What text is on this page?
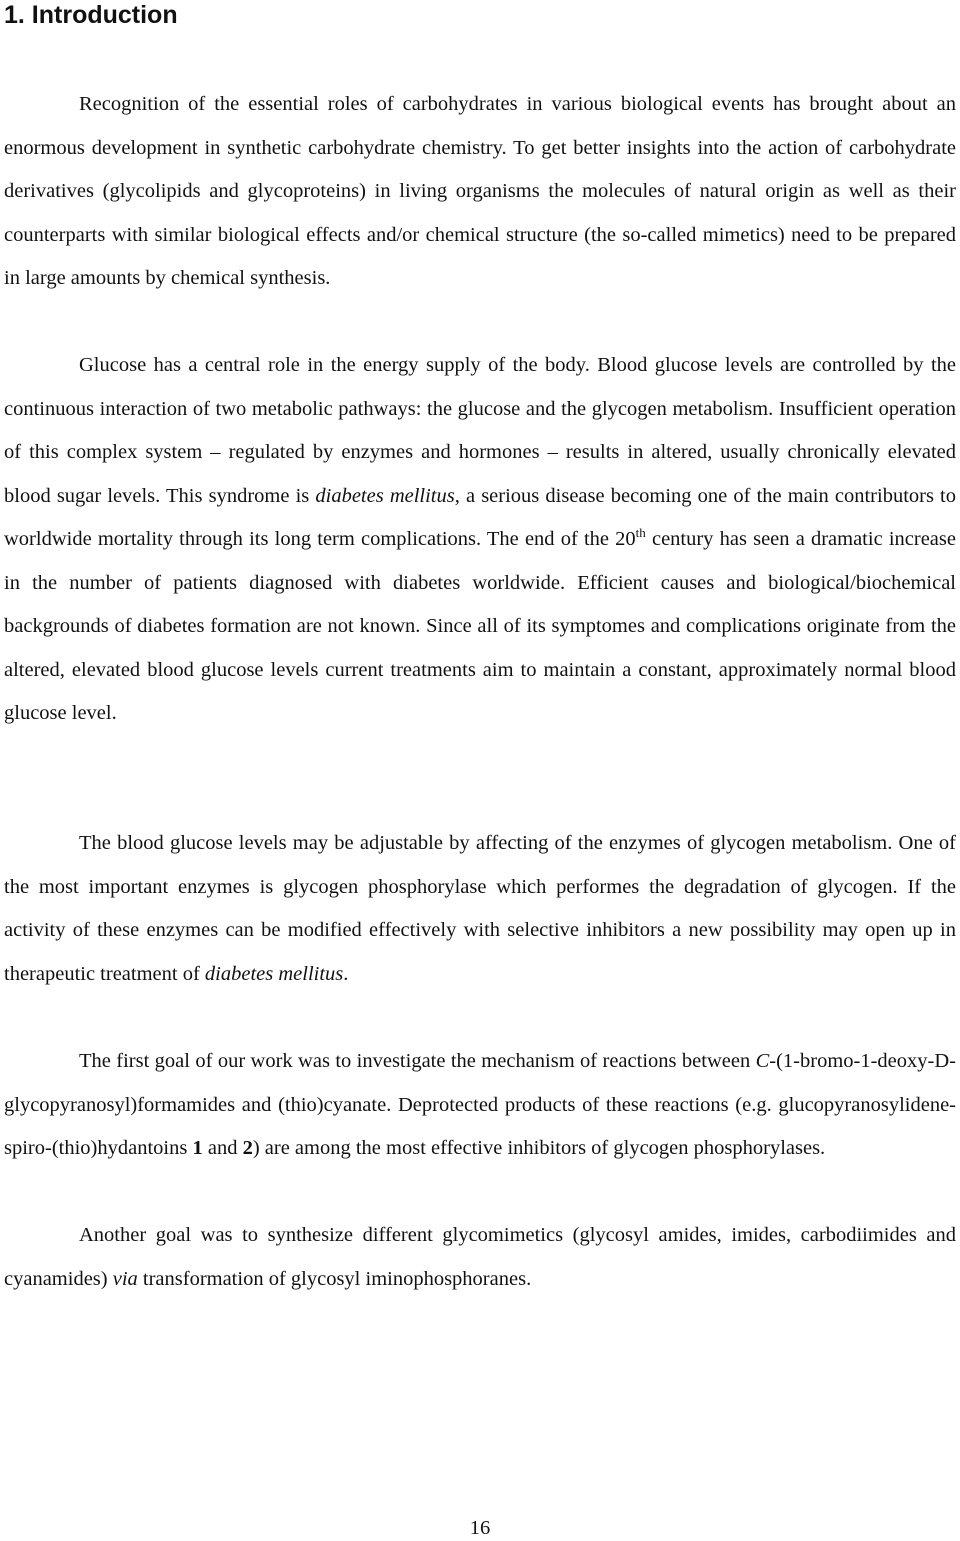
1. Introduction

Recognition of the essential roles of carbohydrates in various biological events has brought about an enormous development in synthetic carbohydrate chemistry. To get better insights into the action of carbohydrate derivatives (glycolipids and glycoproteins) in living organisms the molecules of natural origin as well as their counterparts with similar biological effects and/or chemical structure (the so-called mimetics) need to be prepared in large amounts by chemical synthesis.

Glucose has a central role in the energy supply of the body. Blood glucose levels are controlled by the continuous interaction of two metabolic pathways: the glucose and the glycogen metabolism. Insufficient operation of this complex system – regulated by enzymes and hormones – results in altered, usually chronically elevated blood sugar levels. This syndrome is diabetes mellitus, a serious disease becoming one of the main contributors to worldwide mortality through its long term complications. The end of the 20th century has seen a dramatic increase in the number of patients diagnosed with diabetes worldwide. Efficient causes and biological/biochemical backgrounds of diabetes formation are not known. Since all of its symptomes and complications originate from the altered, elevated blood glucose levels current treatments aim to maintain a constant, approximately normal blood glucose level.

The blood glucose levels may be adjustable by affecting of the enzymes of glycogen metabolism. One of the most important enzymes is glycogen phosphorylase which performes the degradation of glycogen. If the activity of these enzymes can be modified effectively with selective inhibitors a new possibility may open up in therapeutic treatment of diabetes mellitus.

The first goal of our work was to investigate the mechanism of reactions between C-(1-bromo-1-deoxy-D-glycopyranosyl)formamides and (thio)cyanate. Deprotected products of these reactions (e.g. glucopyranosylidene-spiro-(thio)hydantoins 1 and 2) are among the most effective inhibitors of glycogen phosphorylases.

Another goal was to synthesize different glycomimetics (glycosyl amides, imides, carbodiimides and cyanamides) via transformation of glycosyl iminophosphoranes.

16
